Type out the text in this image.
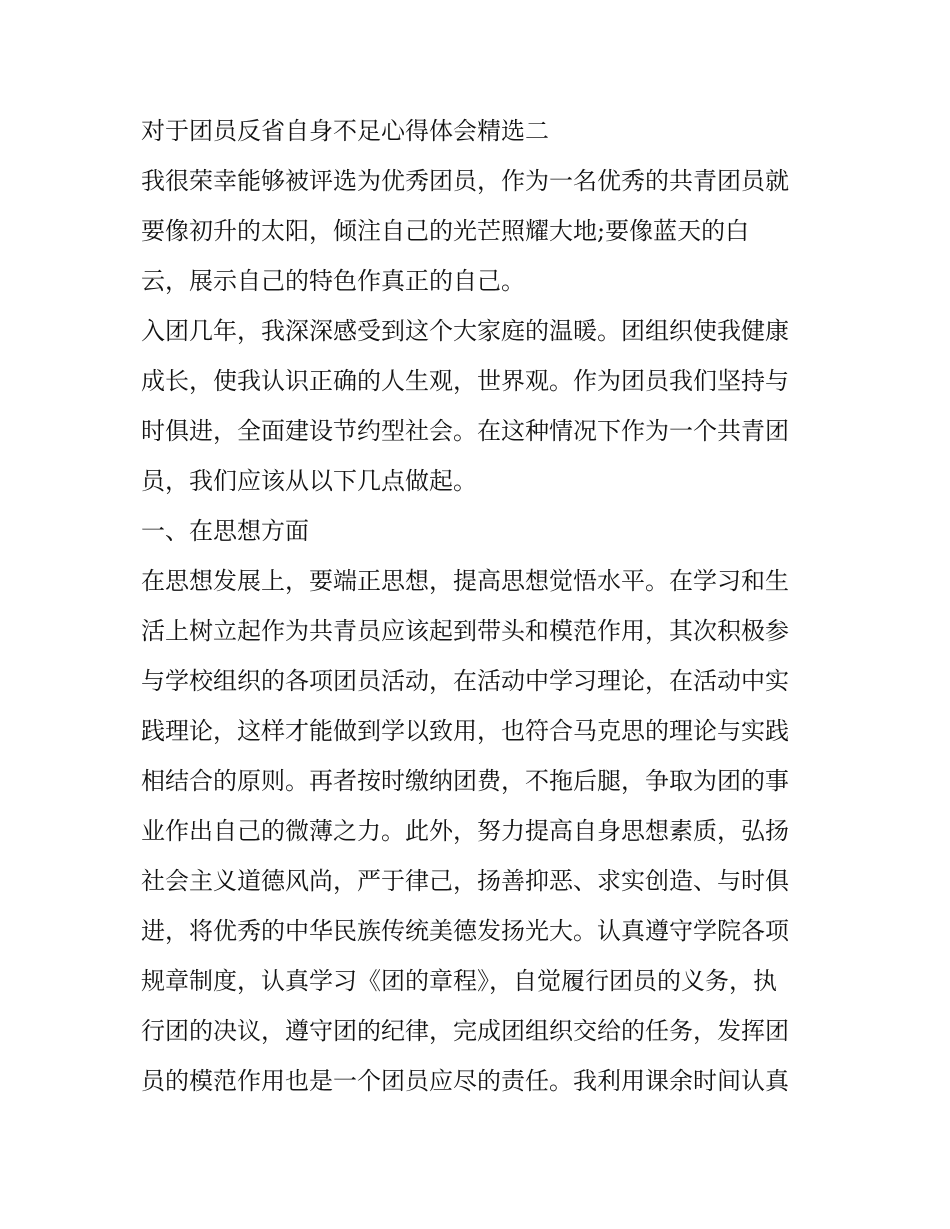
对于团员反省自身不足心得体会精选二

我很荣幸能够被评选为优秀团员，作为一名优秀的共青团员就

要像初升的太阳，倾注自己的光芒照耀大地;要像蓝天的白

云，展示自己的特色作真正的自己。

入团几年，我深深感受到这个大家庭的温暖。团组织使我健康

成长，使我认识正确的人生观，世界观。作为团员我们坚持与

时俱进，全面建设节约型社会。在这种情况下作为一个共青团

员，我们应该从以下几点做起。

一、在思想方面

在思想发展上，要端正思想，提高思想觉悟水平。在学习和生

活上树立起作为共青员应该起到带头和模范作用，其次积极参

与学校组织的各项团员活动，在活动中学习理论，在活动中实

践理论，这样才能做到学以致用，也符合马克思的理论与实践

相结合的原则。再者按时缴纳团费，不拖后腿，争取为团的事

业作出自己的微薄之力。此外，努力提高自身思想素质，弘扬

社会主义道德风尚，严于律己，扬善抑恶、求实创造、与时俱

进，将优秀的中华民族传统美德发扬光大。认真遵守学院各项

规章制度，认真学习《团的章程》，自觉履行团员的义务，执

行团的决议，遵守团的纪律，完成团组织交给的任务，发挥团

员的模范作用也是一个团员应尽的责任。我利用课余时间认真
